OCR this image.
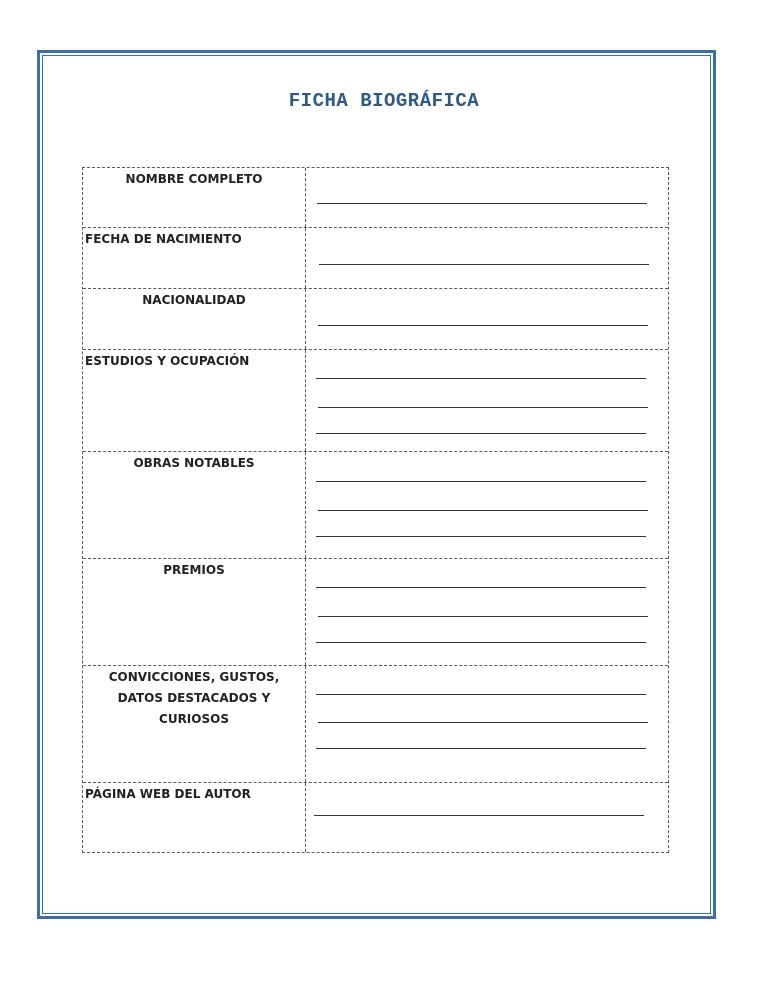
FICHA BIOGRÁFICA
NOMBRE COMPLETO
FECHA DE NACIMIENTO
NACIONALIDAD
ESTUDIOS Y OCUPACIÓN
OBRAS NOTABLES
PREMIOS
CONVICCIONES, GUSTOS,
DATOS DESTACADOS Y
CURIOSOS
PÁGINA WEB DEL AUTOR
